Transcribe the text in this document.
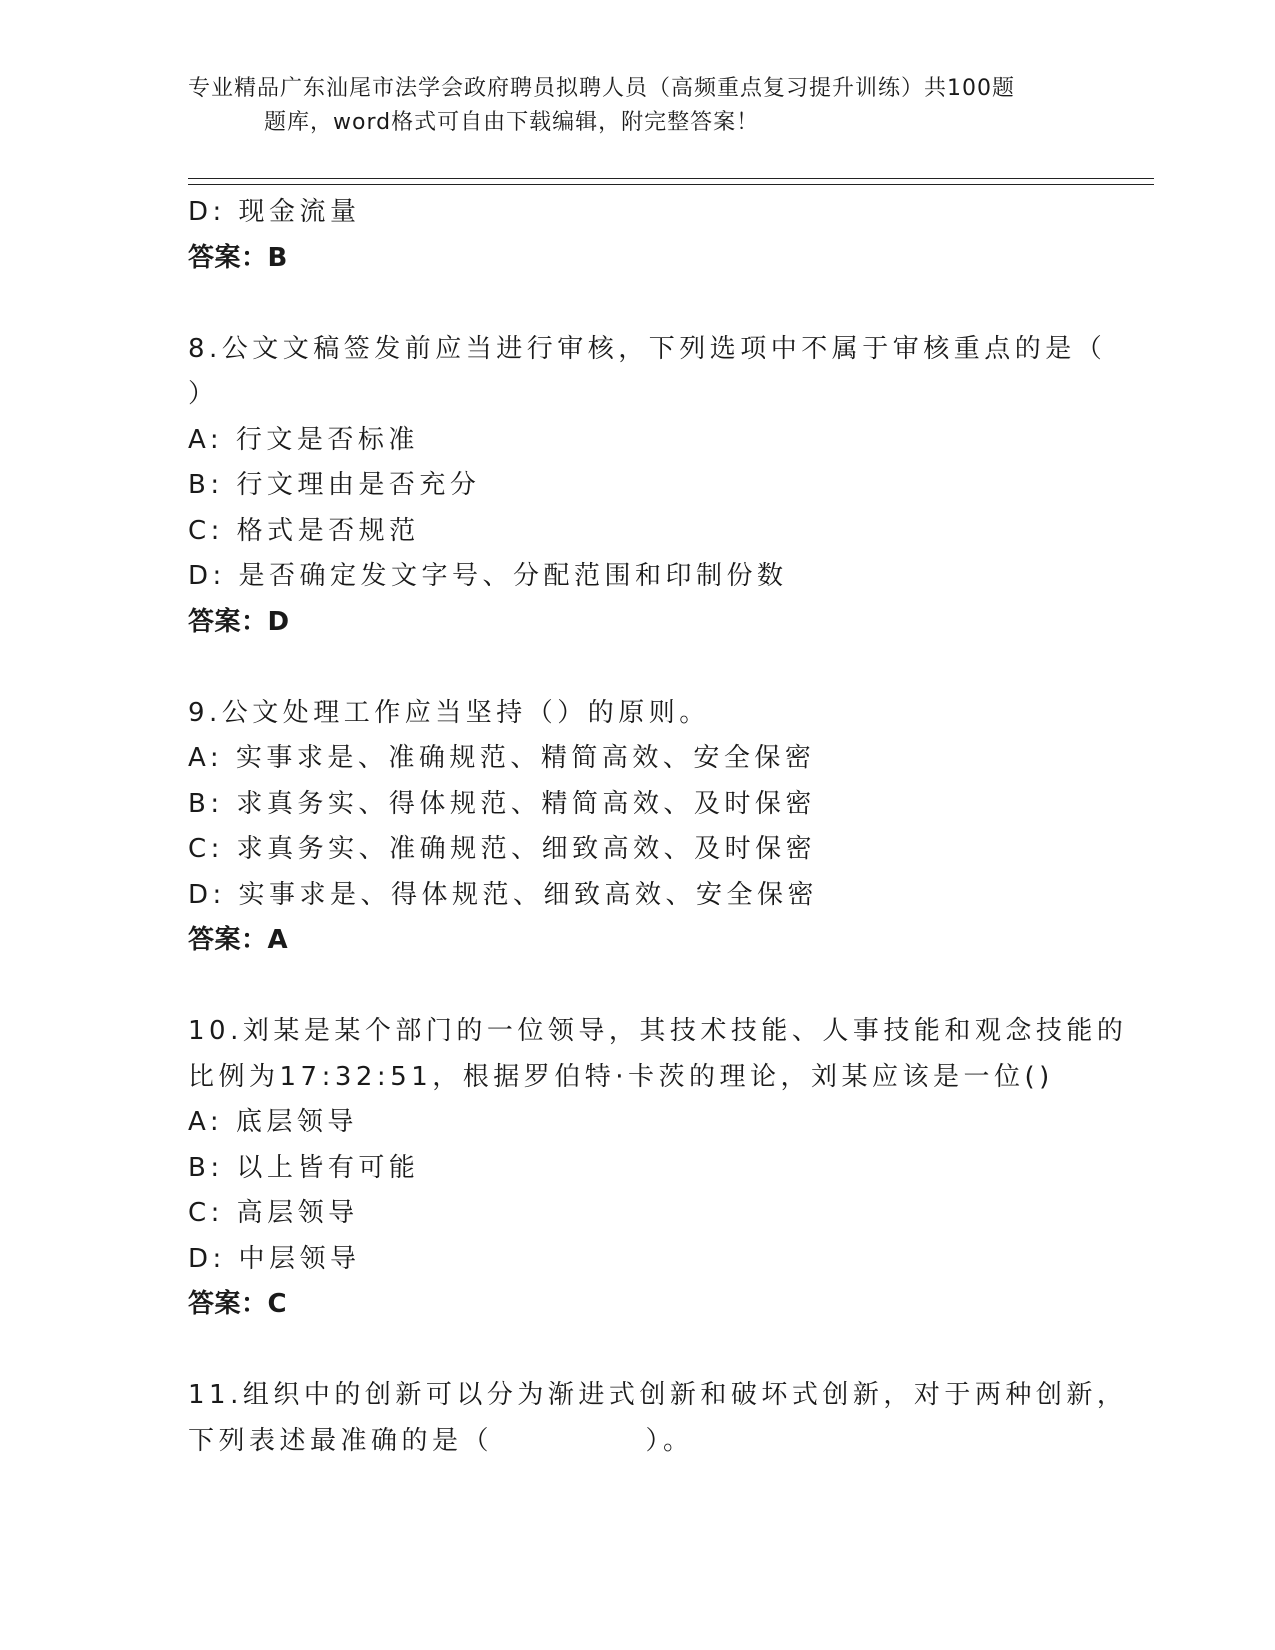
专业精品广东汕尾市法学会政府聘员拟聘人员（高频重点复习提升训练）共100题
题库，word格式可自由下载编辑，附完整答案！
D: 现金流量
答案：B
8.公文文稿签发前应当进行审核，下列选项中不属于审核重点的是（
）
A: 行文是否标准
B: 行文理由是否充分
C: 格式是否规范
D: 是否确定发文字号、分配范围和印制份数
答案：D
9.公文处理工作应当坚持（）的原则。
A: 实事求是、准确规范、精简高效、安全保密
B: 求真务实、得体规范、精简高效、及时保密
C: 求真务实、准确规范、细致高效、及时保密
D: 实事求是、得体规范、细致高效、安全保密
答案：A
10.刘某是某个部门的一位领导，其技术技能、人事技能和观念技能的
比例为17:32:51，根据罗伯特·卡茨的理论，刘某应该是一位()
A: 底层领导
B: 以上皆有可能
C: 高层领导
D: 中层领导
答案：C
11.组织中的创新可以分为渐进式创新和破坏式创新，对于两种创新，
下列表述最准确的是（　　　　　）。
